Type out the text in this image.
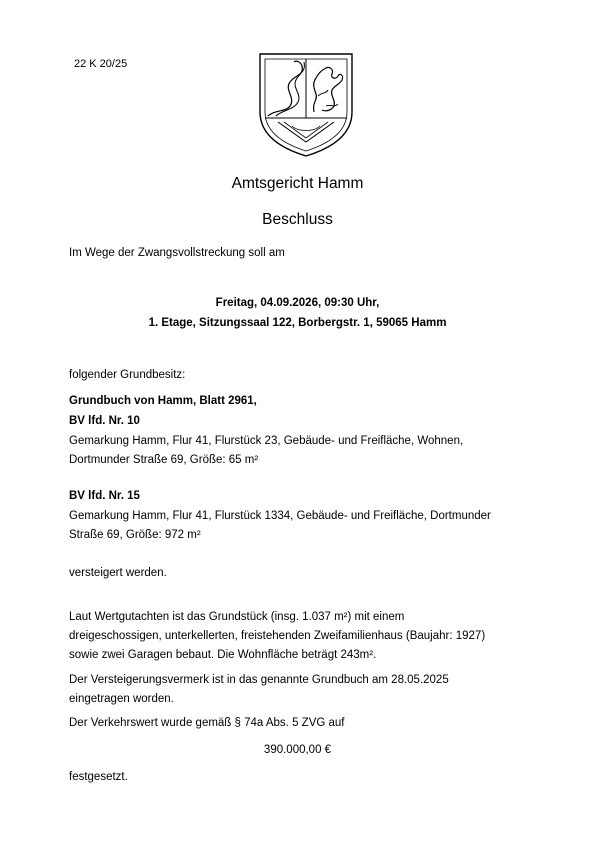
22 K 20/25
Amtsgericht Hamm
Beschluss
Im Wege der Zwangsvollstreckung soll am
Freitag, 04.09.2026, 09:30 Uhr,
1. Etage, Sitzungssaal 122, Borbergstr. 1, 59065 Hamm
folgender Grundbesitz:
Grundbuch von Hamm, Blatt 2961,
BV lfd. Nr. 10
Gemarkung Hamm, Flur 41, Flurstück 23, Gebäude- und Freifläche, Wohnen,
Dortmunder Straße 69, Größe: 65 m²
BV lfd. Nr. 15
Gemarkung Hamm, Flur 41, Flurstück 1334, Gebäude- und Freifläche, Dortmunder
Straße 69, Größe: 972 m²
versteigert werden.
Laut Wertgutachten ist das Grundstück (insg. 1.037 m²) mit einem
dreigeschossigen, unterkellerten, freistehenden Zweifamilienhaus (Baujahr: 1927)
sowie zwei Garagen bebaut. Die Wohnfläche beträgt 243m².
Der Versteigerungsvermerk ist in das genannte Grundbuch am 28.05.2025
eingetragen worden.
Der Verkehrswert wurde gemäß § 74a Abs. 5 ZVG auf
390.000,00 €
festgesetzt.
